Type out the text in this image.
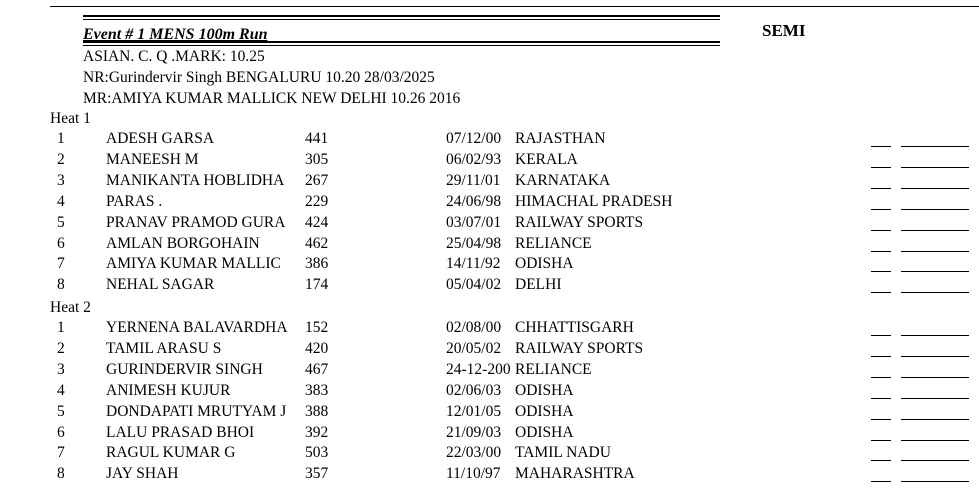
Event # 1 MENS 100m Run	SEMI
ASIAN. C. Q .MARK: 10.25
NR:Gurindervir Singh BENGALURU 10.20 28/03/2025
MR:AMIYA KUMAR MALLICK NEW DELHI 10.26 2016
Heat 1
1	ADESH GARSA	441	07/12/00 RAJASTHAN
2	MANEESH M	305	06/02/93 KERALA
3	MANIKANTA HOBLIDHA 267	29/11/01 KARNATAKA
4	PARAS .	229	24/06/98 HIMACHAL PRADESH
5	PRANAV PRAMOD GURA 424	03/07/01 RAILWAY SPORTS
6	AMLAN BORGOHAIN	462	25/04/98 RELIANCE
7	AMIYA KUMAR MALLIC 386	14/11/92 ODISHA
8	NEHAL SAGAR	174	05/04/02 DELHI
Heat 2
1	YERNENA BALAVARDHA 152	02/08/00 CHHATTISGARH
2	TAMIL ARASU S	420	20/05/02 RAILWAY SPORTS
3	GURINDERVIR SINGH	467	24-12-200 RELIANCE
4	ANIMESH KUJUR	383	02/06/03 ODISHA
5	DONDAPATI MRUTYAM J 388	12/01/05 ODISHA
6	LALU PRASAD BHOI	392	21/09/03 ODISHA
7	RAGUL KUMAR G	503	22/03/00 TAMIL NADU
8	JAY SHAH	357	11/10/97 MAHARASHTRA
